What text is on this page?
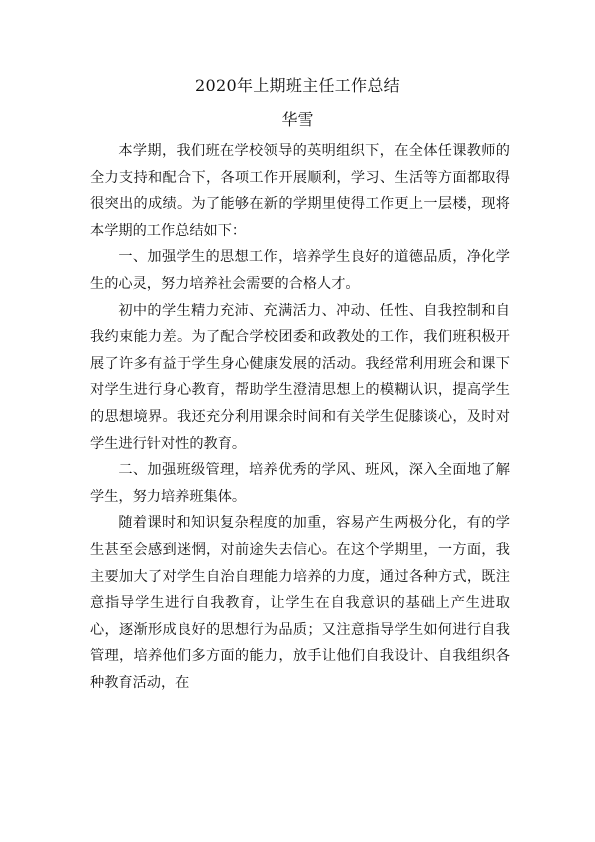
2020年上期班主任工作总结
华雪

本学期，我们班在学校领导的英明组织下，在全体任课教师的全力支持和配合下，各项工作开展顺利，学习、生活等方面都取得很突出的成绩。为了能够在新的学期里使得工作更上一层楼，现将本学期的工作总结如下：

一、加强学生的思想工作，培养学生良好的道德品质，净化学生的心灵，努力培养社会需要的合格人才。

初中的学生精力充沛、充满活力、冲动、任性、自我控制和自我约束能力差。为了配合学校团委和政教处的工作，我们班积极开展了许多有益于学生身心健康发展的活动。我经常利用班会和课下对学生进行身心教育，帮助学生澄清思想上的模糊认识，提高学生的思想境界。我还充分利用课余时间和有关学生促膝谈心，及时对学生进行针对性的教育。

二、加强班级管理，培养优秀的学风、班风，深入全面地了解学生，努力培养班集体。

随着课时和知识复杂程度的加重，容易产生两极分化，有的学生甚至会感到迷惘，对前途失去信心。在这个学期里，一方面，我主要加大了对学生自治自理能力培养的力度，通过各种方式，既注意指导学生进行自我教育，让学生在自我意识的基础上产生进取心，逐渐形成良好的思想行为品质；又注意指导学生如何进行自我管理，培养他们多方面的能力，放手让他们自我设计、自我组织各种教育活动，在
